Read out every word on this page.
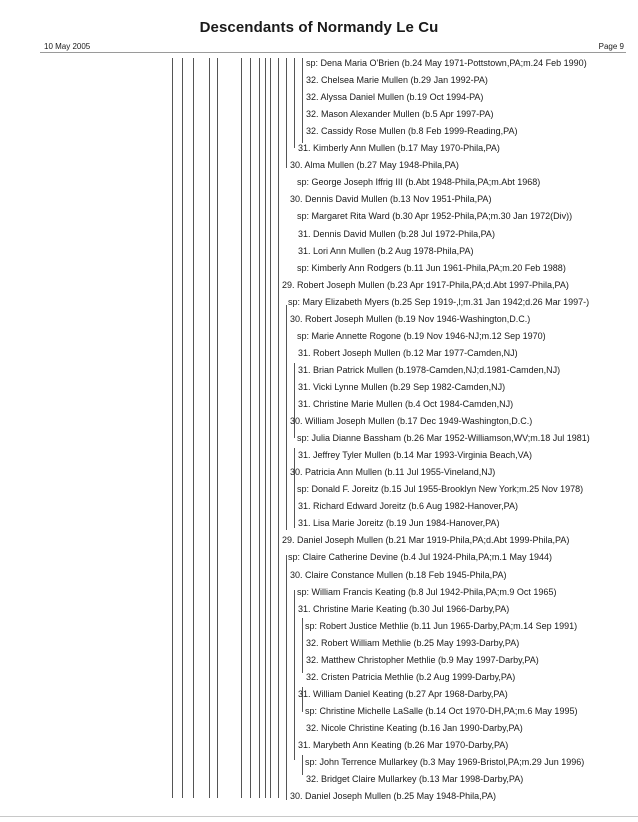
Descendants of Normandy Le Cu
10 May 2005	Page 9
sp: Dena Maria O'Brien (b.24 May 1971-Pottstown,PA;m.24 Feb 1990)
32. Chelsea Marie Mullen (b.29 Jan 1992-PA)
32. Alyssa Daniel Mullen (b.19 Oct 1994-PA)
32. Mason Alexander Mullen (b.5 Apr 1997-PA)
32. Cassidy Rose Mullen (b.8 Feb 1999-Reading,PA)
31. Kimberly Ann Mullen (b.17 May 1970-Phila,PA)
30. Alma Mullen (b.27 May 1948-Phila,PA)
sp: George Joseph Iffrig III (b.Abt 1948-Phila,PA;m.Abt 1968)
30. Dennis David Mullen (b.13 Nov 1951-Phila,PA)
sp: Margaret Rita Ward (b.30 Apr 1952-Phila,PA;m.30 Jan 1972(Div))
31. Dennis David Mullen (b.28 Jul 1972-Phila,PA)
31. Lori Ann Mullen (b.2 Aug 1978-Phila,PA)
sp: Kimberly Ann Rodgers (b.11 Jun 1961-Phila,PA;m.20 Feb 1988)
29. Robert Joseph Mullen (b.23 Apr 1917-Phila,PA;d.Abt 1997-Phila,PA)
sp: Mary Elizabeth Myers (b.25 Sep 1919-,l;m.31 Jan 1942;d.26 Mar 1997-)
30. Robert Joseph Mullen (b.19 Nov 1946-Washington,D.C.)
sp: Marie Annette Rogone (b.19 Nov 1946-NJ;m.12 Sep 1970)
31. Robert Joseph Mullen (b.12 Mar 1977-Camden,NJ)
31. Brian Patrick Mullen (b.1978-Camden,NJ;d.1981-Camden,NJ)
31. Vicki Lynne Mullen (b.29 Sep 1982-Camden,NJ)
31. Christine Marie Mullen (b.4 Oct 1984-Camden,NJ)
30. William Joseph Mullen (b.17 Dec 1949-Washington,D.C.)
sp: Julia Dianne Bassham (b.26 Mar 1952-Williamson,WV;m.18 Jul 1981)
31. Jeffrey Tyler Mullen (b.14 Mar 1993-Virginia Beach,VA)
30. Patricia Ann Mullen (b.11 Jul 1955-Vineland,NJ)
sp: Donald F. Joreitz (b.15 Jul 1955-Brooklyn New York;m.25 Nov 1978)
31. Richard Edward Joreitz (b.6 Aug 1982-Hanover,PA)
31. Lisa Marie Joreitz (b.19 Jun 1984-Hanover,PA)
29. Daniel Joseph Mullen (b.21 Mar 1919-Phila,PA;d.Abt 1999-Phila,PA)
sp: Claire Catherine Devine (b.4 Jul 1924-Phila,PA;m.1 May 1944)
30. Claire Constance Mullen (b.18 Feb 1945-Phila,PA)
sp: William Francis Keating (b.8 Jul 1942-Phila,PA;m.9 Oct 1965)
31. Christine Marie Keating (b.30 Jul 1966-Darby,PA)
sp: Robert Justice Methlie (b.11 Jun 1965-Darby,PA;m.14 Sep 1991)
32. Robert William Methlie (b.25 May 1993-Darby,PA)
32. Matthew Christopher Methlie (b.9 May 1997-Darby,PA)
32. Cristen Patricia Methlie (b.2 Aug 1999-Darby,PA)
31. William Daniel Keating (b.27 Apr 1968-Darby,PA)
sp: Christine Michelle LaSalle (b.14 Oct 1970-DH,PA;m.6 May 1995)
32. Nicole Christine Keating (b.16 Jan 1990-Darby,PA)
31. Marybeth Ann Keating (b.26 Mar 1970-Darby,PA)
sp: John Terrence Mullarkey (b.3 May 1969-Bristol,PA;m.29 Jun 1996)
32. Bridget Claire Mullarkey (b.13 Mar 1998-Darby,PA)
30. Daniel Joseph Mullen (b.25 May 1948-Phila,PA)
